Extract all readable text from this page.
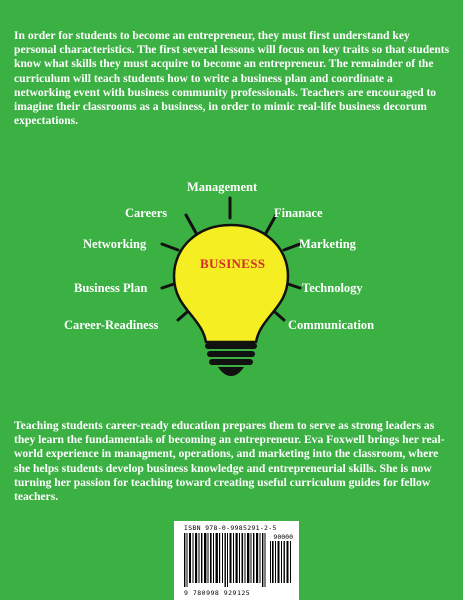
In order for students to become an entrepreneur, they must first understand key personal characteristics. The first several lessons will focus on key traits so that students know what skills they must acquire to become an entrepreneur. The remainder of the curriculum will teach students how to write a business plan and coordinate a networking event with business community professionals. Teachers are encouraged to imagine their classrooms as a business, in order to mimic real-life business decorum expectations.

BUSINESS
Management
Careers	Finanace
Networking	Marketing
Business Plan	Technology
Career-Readiness	Communication

Teaching students career-ready education prepares them to serve as strong leaders as they learn the fundamentals of becoming an entrepreneur. Eva Foxwell brings her real-world experience in managment, operations, and marketing into the classroom, where she helps students develop business knowledge and entrepreneurial skills. She is now turning her passion for teaching toward creating useful curriculum guides for fellow teachers.

ISBN 978-0-9985291-2-5
90000
9 780998 929125
